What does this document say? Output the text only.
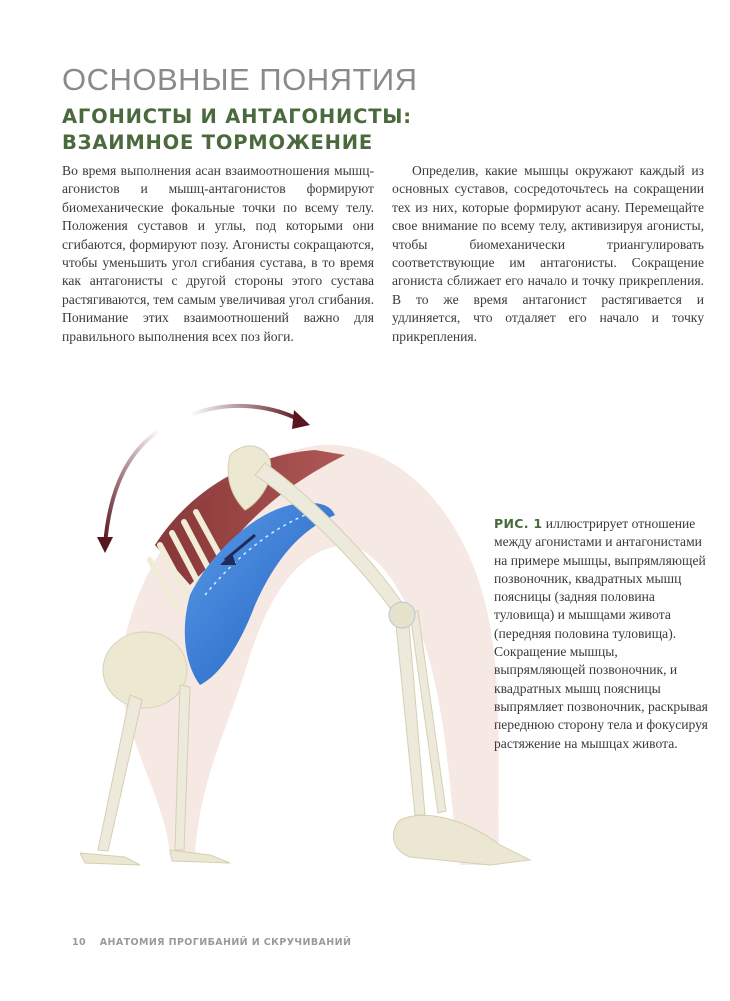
ОСНОВНЫЕ ПОНЯТИЯ
АГОНИСТЫ И АНТАГОНИСТЫ:
ВЗАИМНОЕ ТОРМОЖЕНИЕ

Во время выполнения асан взаимоотношения мышц-агонистов и мышц-антагонистов формируют биомеханические фокальные точки по всему телу. Положения суставов и углы, под которыми они сгибаются, формируют позу. Агонисты сокращаются, чтобы уменьшить угол сгибания сустава, в то время как антагонисты с другой стороны этого сустава растягиваются, тем самым увеличивая угол сгибания. Понимание этих взаимоотношений важно для правильного выполнения всех поз йоги.

Определив, какие мышцы окружают каждый из основных суставов, сосредоточьтесь на сокращении тех из них, которые формируют асану. Перемещайте свое внимание по всему телу, активизируя агонисты, чтобы биомеханически триангулировать соответствующие им антагонисты. Сокращение агониста сближает его начало и точку прикрепления. В то же время антагонист растягивается и удлиняется, что отдаляет его начало и точку прикрепления.

РИС. 1 иллюстрирует отношение между агонистами и антагонистами на примере мышцы, выпрямляющей позвоночник, квадратных мышц поясницы (задняя половина туловища) и мышцами живота (передняя половина туловища). Сокращение мышцы, выпрямляющей позвоночник, и квадратных мышц поясницы выпрямляет позвоночник, раскрывая переднюю сторону тела и фокусируя растяжение на мышцах живота.
10 АНАТОМИЯ ПРОГИБАНИЙ И СКРУЧИВАНИЙ
